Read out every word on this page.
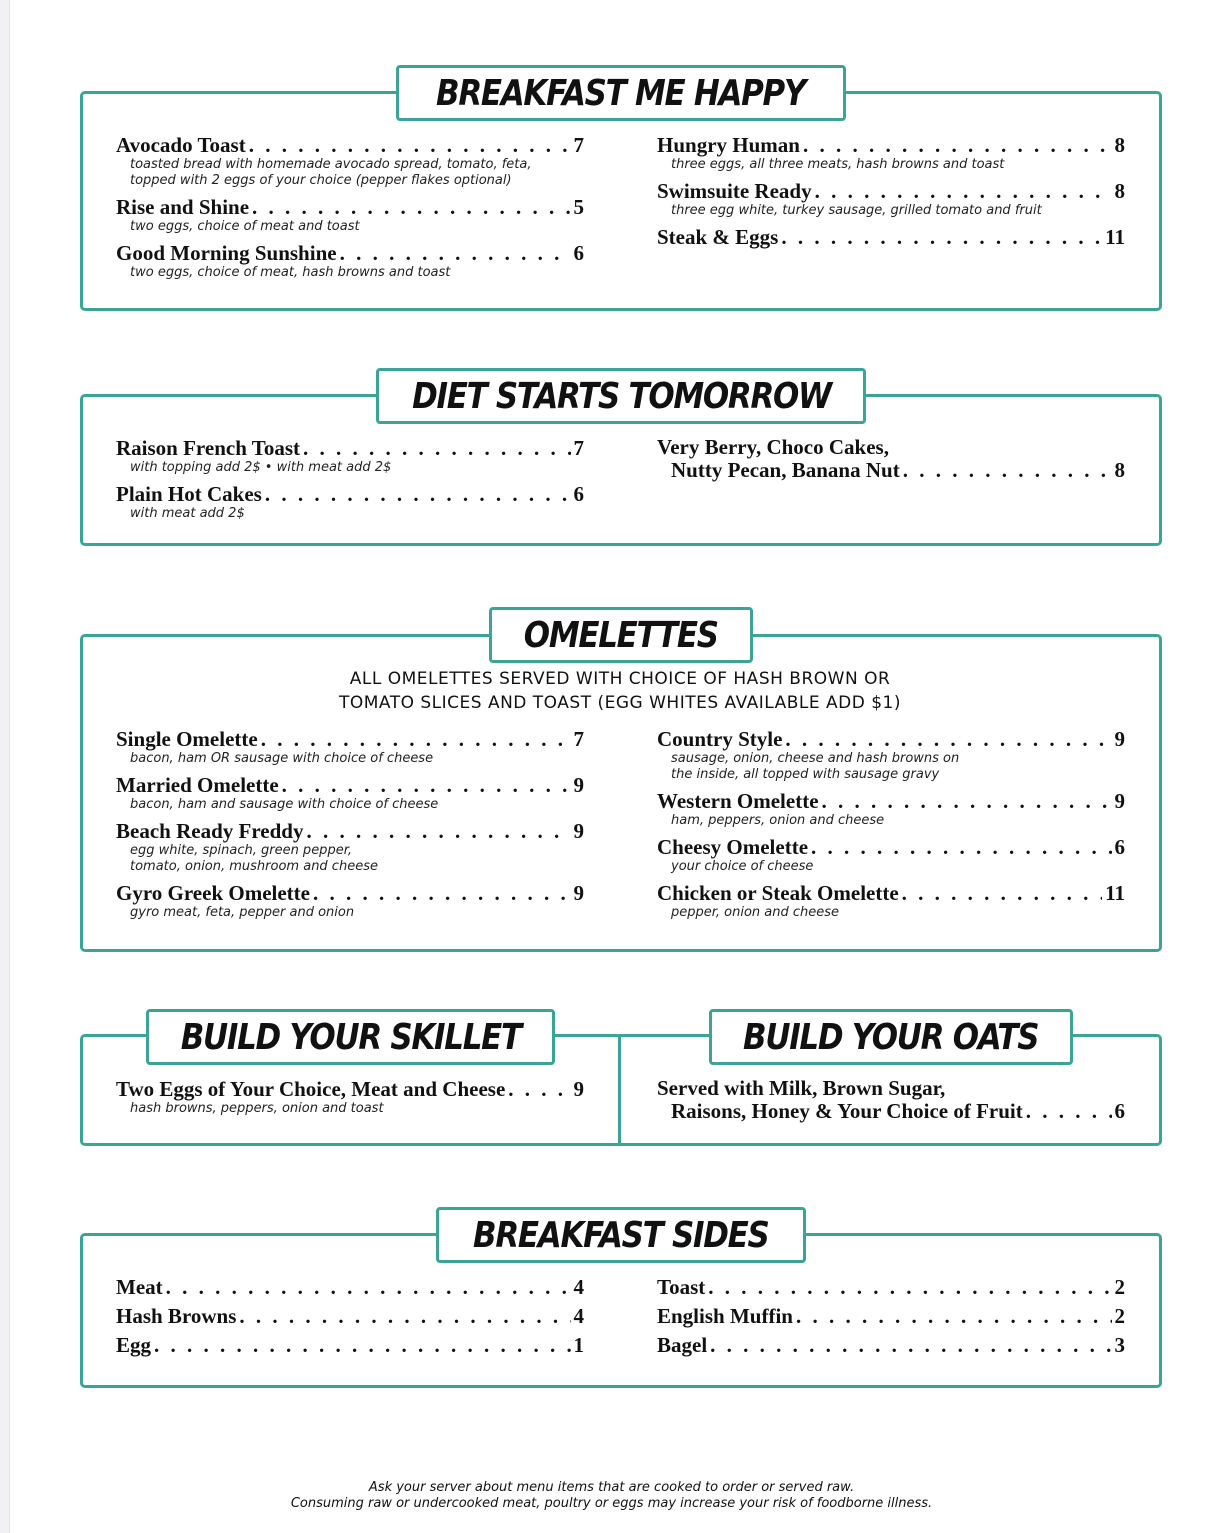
BREAKFAST ME HAPPY
Avocado Toast . . .	7
toasted bread with homemade avocado spread, tomato, feta,
topped with 2 eggs of your choice (pepper flakes optional)
Rise and Shine . . .	5
two eggs, choice of meat and toast
Good Morning Sunshine . . .	6
two eggs, choice of meat, hash browns and toast
Hungry Human . . .	8
three eggs, all three meats, hash browns and toast
Swimsuite Ready . . .	8
three egg white, turkey sausage, grilled tomato and fruit
Steak & Eggs . . .	11
DIET STARTS TOMORROW
Raison French Toast . . .	7
with topping add 2$ • with meat add 2$
Plain Hot Cakes . . .	6
with meat add 2$
Very Berry, Choco Cakes,
Nutty Pecan, Banana Nut . . .	8
OMELETTES
ALL OMELETTES SERVED WITH CHOICE OF HASH BROWN OR
TOMATO SLICES AND TOAST (EGG WHITES AVAILABLE ADD $1)
Single Omelette . . .	7
bacon, ham OR sausage with choice of cheese
Married Omelette . . .	9
bacon, ham and sausage with choice of cheese
Beach Ready Freddy . . .	9
egg white, spinach, green pepper,
tomato, onion, mushroom and cheese
Gyro Greek Omelette . . .	9
gyro meat, feta, pepper and onion
Country Style . . .	9
sausage, onion, cheese and hash browns on
the inside, all topped with sausage gravy
Western Omelette . . .	9
ham, peppers, onion and cheese
Cheesy Omelette . . .	6
your choice of cheese
Chicken or Steak Omelette . . .	11
pepper, onion and cheese
BUILD YOUR SKILLET	BUILD YOUR OATS
Two Eggs of Your Choice, Meat and Cheese . . .	9
hash browns, peppers, onion and toast
Served with Milk, Brown Sugar,
Raisons, Honey & Your Choice of Fruit . . .	6
BREAKFAST SIDES
Meat . . .	4
Hash Browns . . .	4
Egg . . .	1
Toast . . .	2
English Muffin . . .	2
Bagel . . .	3
Ask your server about menu items that are cooked to order or served raw.
Consuming raw or undercooked meat, poultry or eggs may increase your risk of foodborne illness.
